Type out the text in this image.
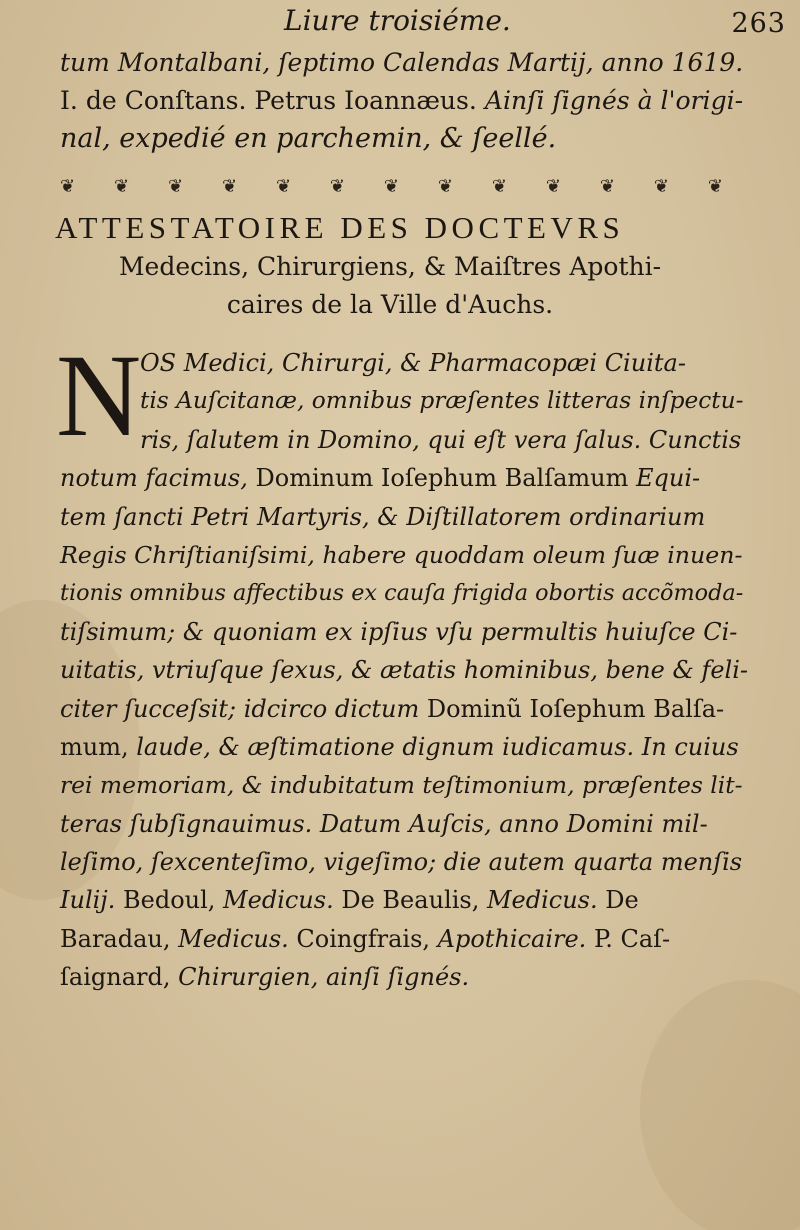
Liure troisiéme.	263
tum Montalbani, ſeptimo Calendas Martij, anno 1619.
I. de Conſtans. Petrus Ioannæus. Ainſi ſignés à l'origi-
nal, expedié en parchemin, & ſeellé.
❦ ❦ ❦ ❦ ❦ ❦ ❦ ❦ ❦ ❦ ❦ ❦ ❦
ATTESTATOIRE DES DOCTEVRS
Medecins, Chirurgiens, & Maiſtres Apothi-
caires de la Ville d'Auchs.
N
OS Medici, Chirurgi, & Pharmacopæi Ciuita-
tis Auſcitanæ, omnibus præſentes litteras inſpectu-
ris, ſalutem in Domino, qui eſt vera ſalus. Cunctis
notum facimus, Dominum Ioſephum Balſamum Equi-
tem ſancti Petri Martyris, & Diſtillatorem ordinarium
Regis Chriſtianiſsimi, habere quoddam oleum ſuæ inuen-
tionis omnibus affectibus ex cauſa frigida obortis accõmoda-
tiſsimum; & quoniam ex ipſius vſu permultis huiuſce Ci-
uitatis, vtriuſque ſexus, & ætatis hominibus, bene & feli-
citer ſucceſsit; idcirco dictum Dominũ Ioſephum Balſa-
mum, laude, & æſtimatione dignum iudicamus. In cuius
rei memoriam, & indubitatum teſtimonium, præſentes lit-
teras ſubſignauimus. Datum Auſcis, anno Domini mil-
leſimo, ſexcenteſimo, vigeſimo; die autem quarta menſis
Iulij. Bedoul, Medicus. De Beaulis, Medicus. De
Baradau, Medicus. Coingfrais, Apothicaire. P. Caſ-
ſaignard, Chirurgien, ainſi ſignés.
